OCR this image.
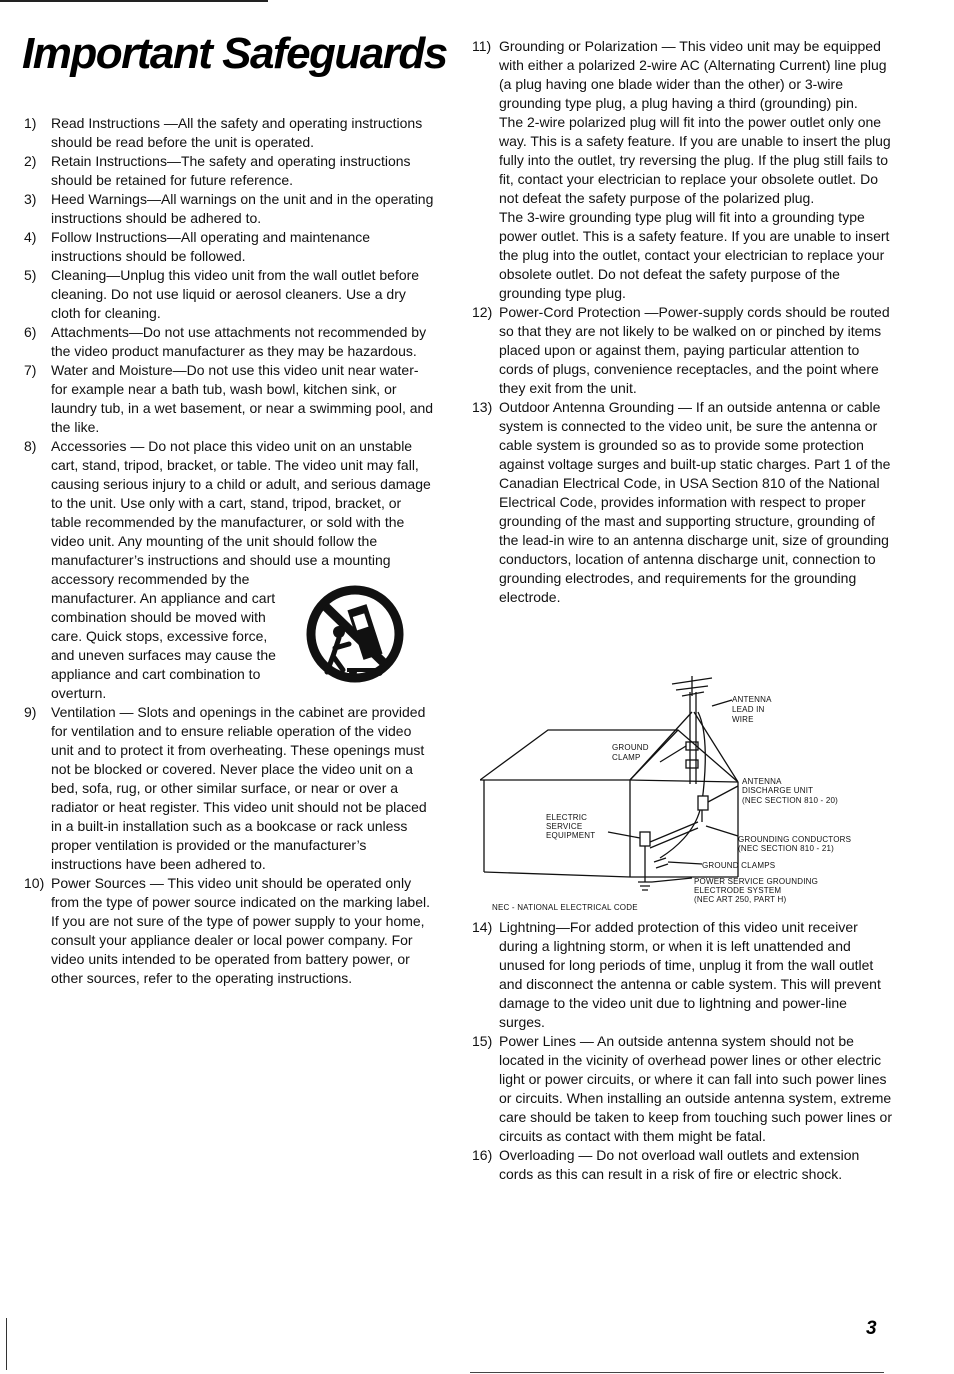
Important Safeguards
1)	Read Instructions —All the safety and operating instructions should be read before the unit is operated.
2)	Retain Instructions—The safety and operating instructions should be retained for future reference.
3)	Heed Warnings—All warnings on the unit and in the operating instructions should be adhered to.
4)	Follow Instructions—All operating and maintenance instructions should be followed.
5)	Cleaning—Unplug this video unit from the wall outlet before cleaning. Do not use liquid or aerosol cleaners. Use a dry cloth for cleaning.
6)	Attachments—Do not use attachments not recommended by the video product manufacturer as they may be hazardous.
7)	Water and Moisture—Do not use this video unit near water- for example near a bath tub, wash bowl, kitchen sink, or laundry tub, in a wet basement, or near a swimming pool, and the like.
8)	Accessories — Do not place this video unit on an unstable cart, stand, tripod, bracket, or table. The video unit may fall, causing serious injury to a child or adult, and serious damage to the unit. Use only with a cart, stand, tripod, bracket, or table recommended by the manufacturer, or sold with the video unit. Any mounting of the unit should follow the manufacturer’s instructions and should use a mounting

accessory recommended by the manufacturer. An appliance and cart combination should be moved with care. Quick stops, excessive force, and uneven surfaces may cause the appliance and cart combination to overturn.

9)	Ventilation — Slots and openings in the cabinet are provided for ventilation and to ensure reliable operation of the video unit and to protect it from overheating. These openings must not be blocked or covered. Never place the video unit on a bed, sofa, rug, or other similar surface, or near or over a radiator or heat register. This video unit should not be placed in a built-in installation such as a bookcase or rack unless proper ventilation is provided or the manufacturer’s instructions have been adhered to.
10) Power Sources — This video unit should be operated only from the type of power source indicated on the marking label. If you are not sure of the type of power supply to your home, consult your appliance dealer or local power company. For video units intended to be operated from battery power, or other sources, refer to the operating instructions.
11) Grounding or Polarization — This video unit may be equipped with either a polarized 2-wire AC (Alternating Current) line plug (a plug having one blade wider than the other) or 3-wire grounding type plug, a plug having a third (grounding) pin.

The 2-wire polarized plug will fit into the power outlet only one way. This is a safety feature. If you are unable to insert the plug fully into the outlet, try reversing the plug. If the plug still fails to fit, contact your electrician to replace your obsolete outlet. Do not defeat the safety purpose of the polarized plug.

The 3-wire grounding type plug will fit into a grounding type power outlet. This is a safety feature. If you are unable to insert the plug into the outlet, contact your electrician to replace your obsolete outlet. Do not defeat the safety purpose of the grounding type plug.

12) Power-Cord Protection —Power-supply cords should be routed so that they are not likely to be walked on or pinched by items placed upon or against them, paying particular attention to cords of plugs, convenience receptacles, and the point where they exit from the unit.
13) Outdoor Antenna Grounding — If an outside antenna or cable system is connected to the video unit, be sure the antenna or cable system is grounded so as to provide some protection against voltage surges and built-up static charges. Part 1 of the Canadian Electrical Code, in USA Section 810 of the National Electrical Code, provides information with respect to proper grounding of the mast and supporting structure, grounding of the lead-in wire to an antenna discharge unit, size of grounding conductors, location of antenna discharge unit, connection to grounding electrodes, and requirements for the grounding electrode.
ANTENNA
LEAD IN
WIRE
GROUND
CLAMP
ANTENNA
DISCHARGE UNIT
(NEC SECTION 810 - 20)
ELECTRIC
SERVICE
EQUIPMENT	GROUNDING CONDUCTORS
(NEC SECTION 810 - 21)
GROUND CLAMPS
POWER SERVICE GROUNDING
ELECTRODE SYSTEM
(NEC ART 250, PART H)
NEC - NATIONAL ELECTRICAL CODE
14) Lightning—For added protection of this video unit receiver during a lightning storm, or when it is left unattended and unused for long periods of time, unplug it from the wall outlet and disconnect the antenna or cable system. This will prevent damage to the video unit due to lightning and power-line surges.
15) Power Lines — An outside antenna system should not be located in the vicinity of overhead power lines or other electric light or power circuits, or where it can fall into such power lines or circuits. When installing an outside antenna system, extreme care should be taken to keep from touching such power lines or circuits as contact with them might be fatal.
16) Overloading — Do not overload wall outlets and extension cords as this can result in a risk of fire or electric shock.
3
